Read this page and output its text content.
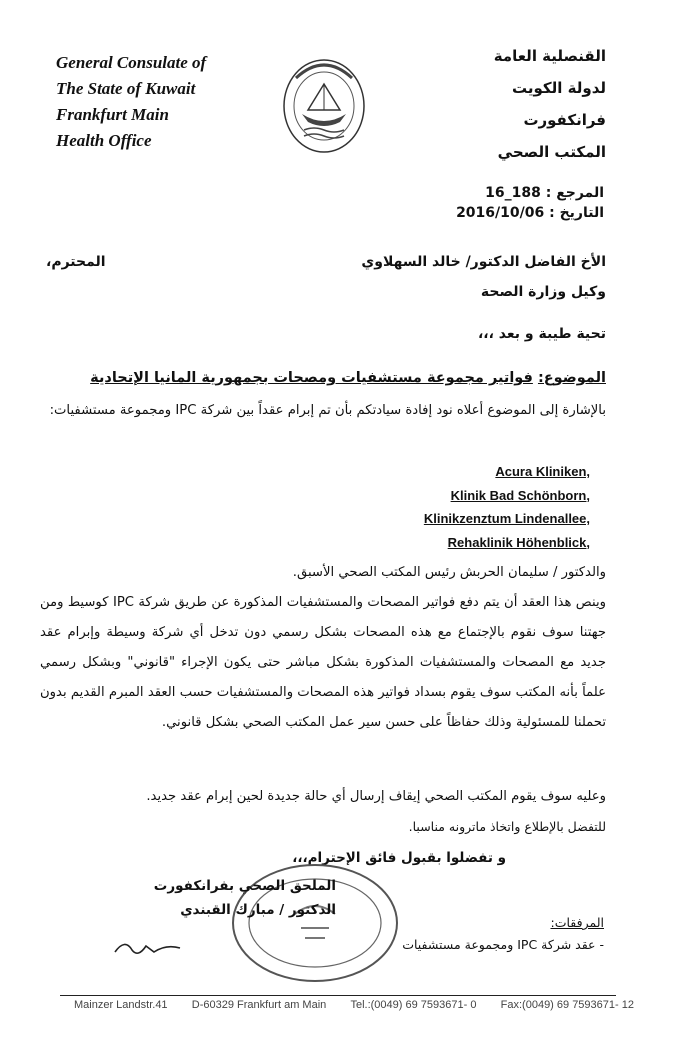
General Consulate of
The State of Kuwait
Frankfurt Main
Health Office
القنصلية العامة
لدولة الكويت
فرانكفورت
المكتب الصحي
المرجع : 188_16
التاريخ : 2016/10/06
الأخ الفاضل الدكتور/ خالد السهلاوي
المحترم،
وكيل وزارة الصحة
تحية طيبة و بعد ،،،
الموضوع: فواتير مجموعة مستشفيات ومصحات بجمهورية المانيا الإتحادية
بالإشارة إلى الموضوع أعلاه نود إفادة سيادتكم بأن تم إبرام عقداً بين شركة IPC ومجموعة مستشفيات:
Acura Kliniken,
Klinik Bad Schönborn,
Klinikzenztum Lindenallee,
Rehaklinik Höhenblick,
والدكتور / سليمان الحربش رئيس المكتب الصحي الأسبق.
وينص هذا العقد أن يتم دفع فواتير المصحات والمستشفيات المذكورة عن طريق شركة IPC كوسيط ومن جهتنا سوف نقوم بالإجتماع مع هذه المصحات بشكل رسمي دون تدخل أي شركة وسيطة وإبرام عقد جديد مع المصحات والمستشفيات المذكورة بشكل مباشر حتى يكون الإجراء "قانوني" وبشكل رسمي علماً بأنه المكتب سوف يقوم بسداد فواتير هذه المصحات والمستشفيات حسب العقد المبرم القديم بدون تحملنا للمسئولية وذلك حفاظاً على حسن سير عمل المكتب الصحي بشكل قانوني.
وعليه سوف يقوم المكتب الصحي إيقاف إرسال أي حالة جديدة لحين إبرام عقد جديد.
للتفضل بالإطلاع واتخاذ ماترونه مناسبا.
و تفضلوا بقبول فائق الإحترام،،،
الملحق الصحي بفرانكفورت
الدكتور / مبارك القبندي
المرفقات:
- عقد شركة IPC ومجموعة مستشفيات
Mainzer Landstr.41 D-60329 Frankfurt am Main Tel.:(0049) 69 7593671- 0 Fax:(0049) 69 7593671- 12
